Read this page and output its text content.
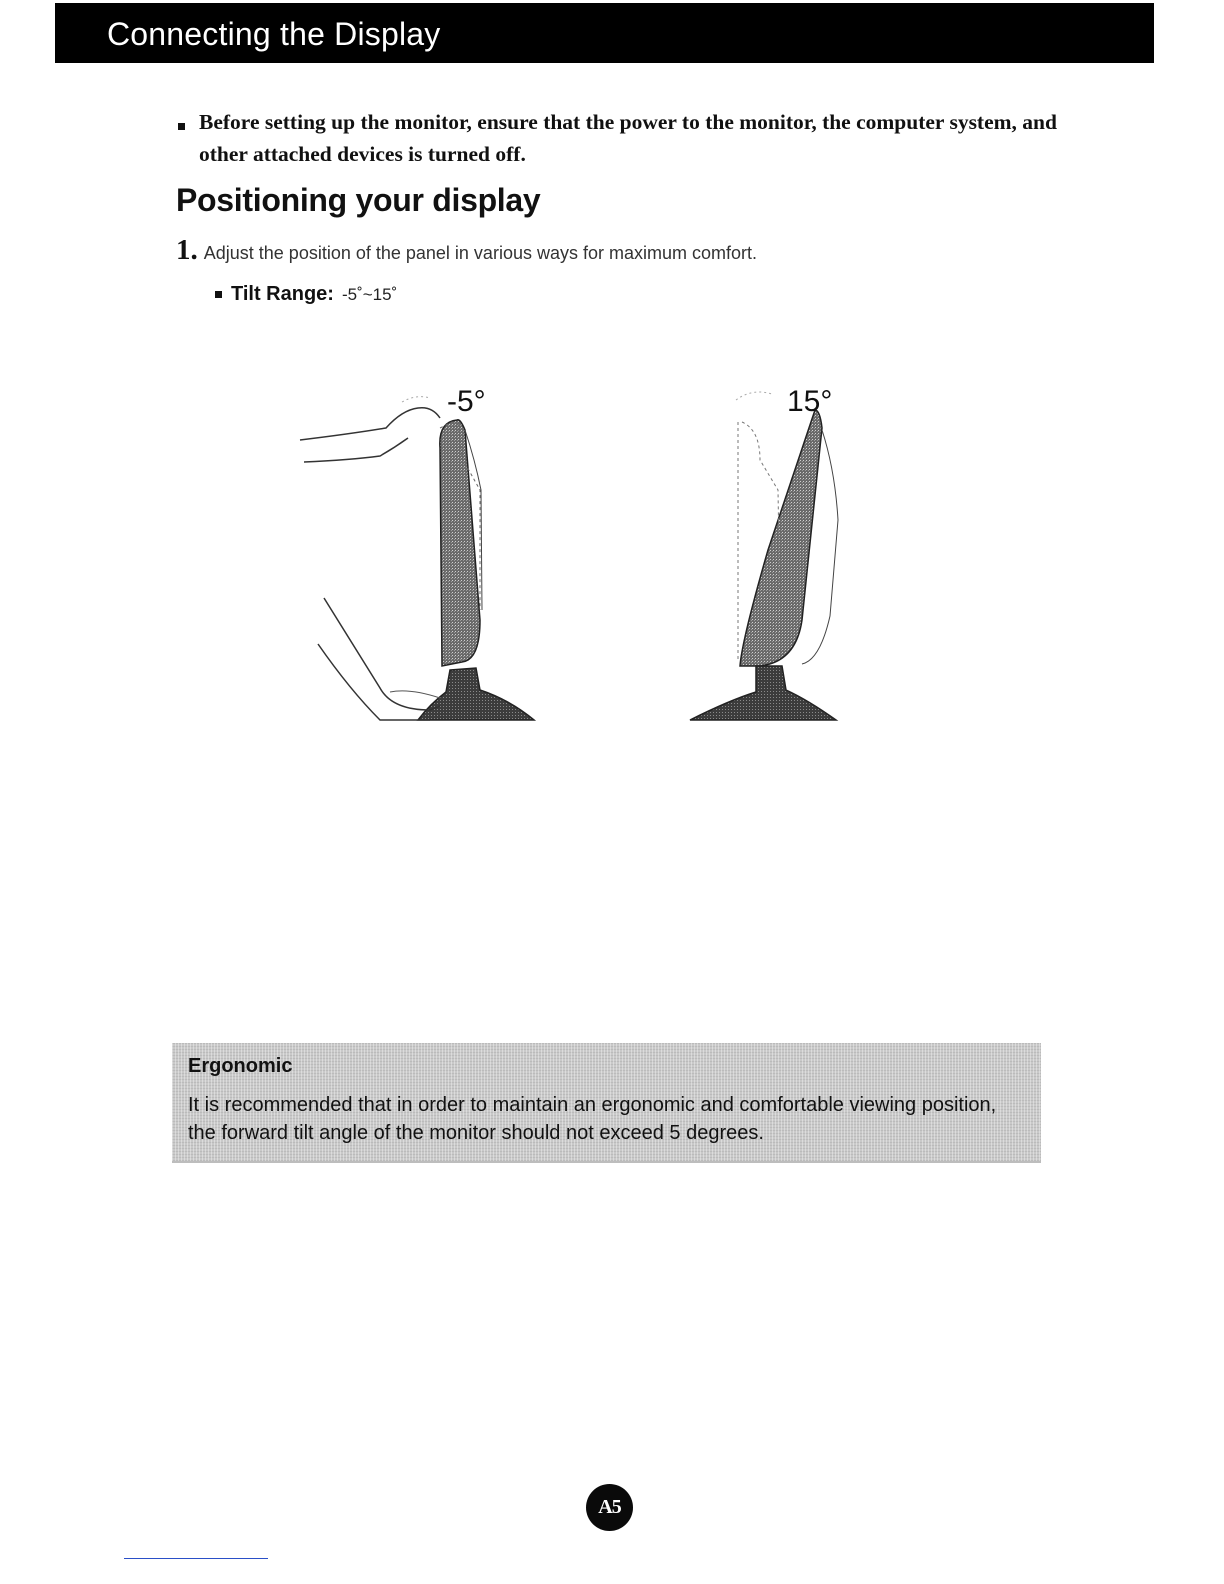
Connecting the Display
Before setting up the monitor, ensure that the power to the monitor, the computer system, and other attached devices is turned off.
Positioning your display
1. Adjust the position of the panel in various ways for maximum comfort.
Tilt Range: -5˚~15˚
-5°	15°
Ergonomic
It is recommended that in order to maintain an ergonomic and comfortable viewing position, the forward tilt angle of the monitor should not exceed 5 degrees.
A5
